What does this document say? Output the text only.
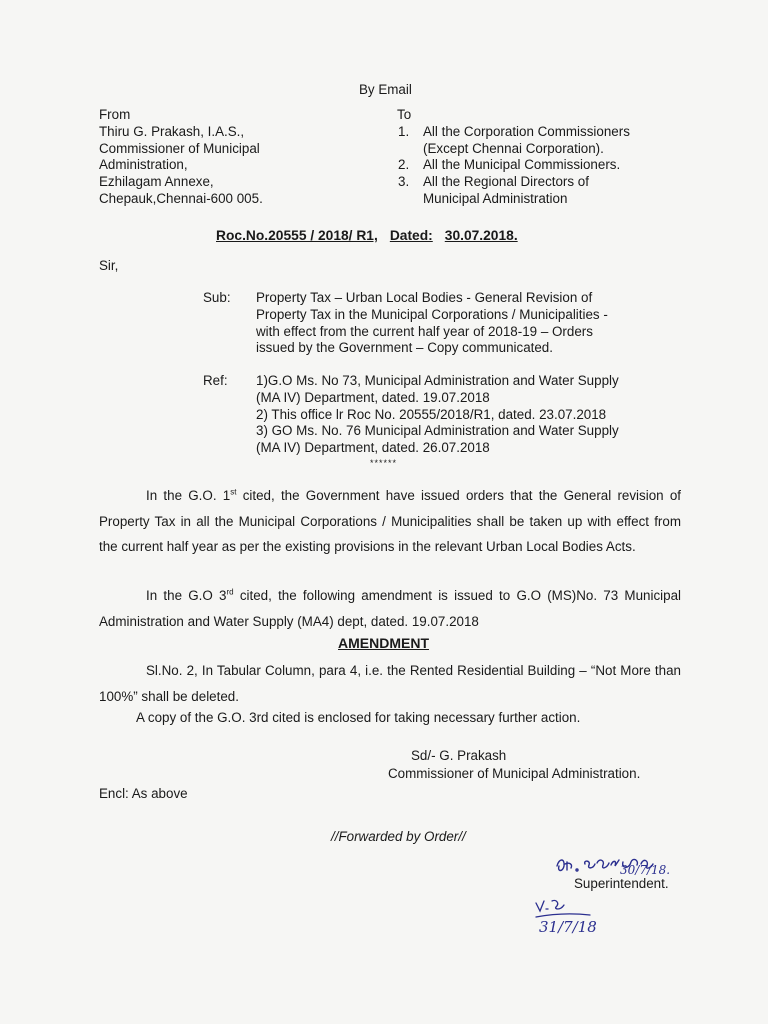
By Email
From
Thiru G. Prakash, I.A.S.,
Commissioner of Municipal
Administration,
Ezhilagam Annexe,
Chepauk,Chennai-600 005.
To
1. All the Corporation Commissioners
(Except Chennai Corporation).
2. All the Municipal Commissioners.
3. All the Regional Directors of
Municipal Administration
Roc.No.20555 / 2018/ R1, Dated: 30.07.2018.
Sir,
Sub: Property Tax – Urban Local Bodies - General Revision of
Property Tax in the Municipal Corporations / Municipalities -
with effect from the current half year of 2018-19 – Orders
issued by the Government – Copy communicated.
Ref: 1)G.O Ms. No 73, Municipal Administration and Water Supply
(MA IV) Department, dated. 19.07.2018
2) This office lr Roc No. 20555/2018/R1, dated. 23.07.2018
3) GO Ms. No. 76 Municipal Administration and Water Supply
(MA IV) Department, dated. 26.07.2018
******
In the G.O. 1st cited, the Government have issued orders that the General revision of Property Tax in all the Municipal Corporations / Municipalities shall be taken up with effect from the current half year as per the existing provisions in the relevant Urban Local Bodies Acts.
In the G.O 3rd cited, the following amendment is issued to G.O (MS)No. 73 Municipal Administration and Water Supply (MA4) dept, dated. 19.07.2018
AMENDMENT
Sl.No. 2, In Tabular Column, para 4, i.e. the Rented Residential Building – “Not More than 100%” shall be deleted.
A copy of the G.O. 3rd cited is enclosed for taking necessary further action.
Sd/- G. Prakash
Commissioner of Municipal Administration.
Encl: As above
//Forwarded by Order//
30/7/18.
Superintendent.
31/7/18
